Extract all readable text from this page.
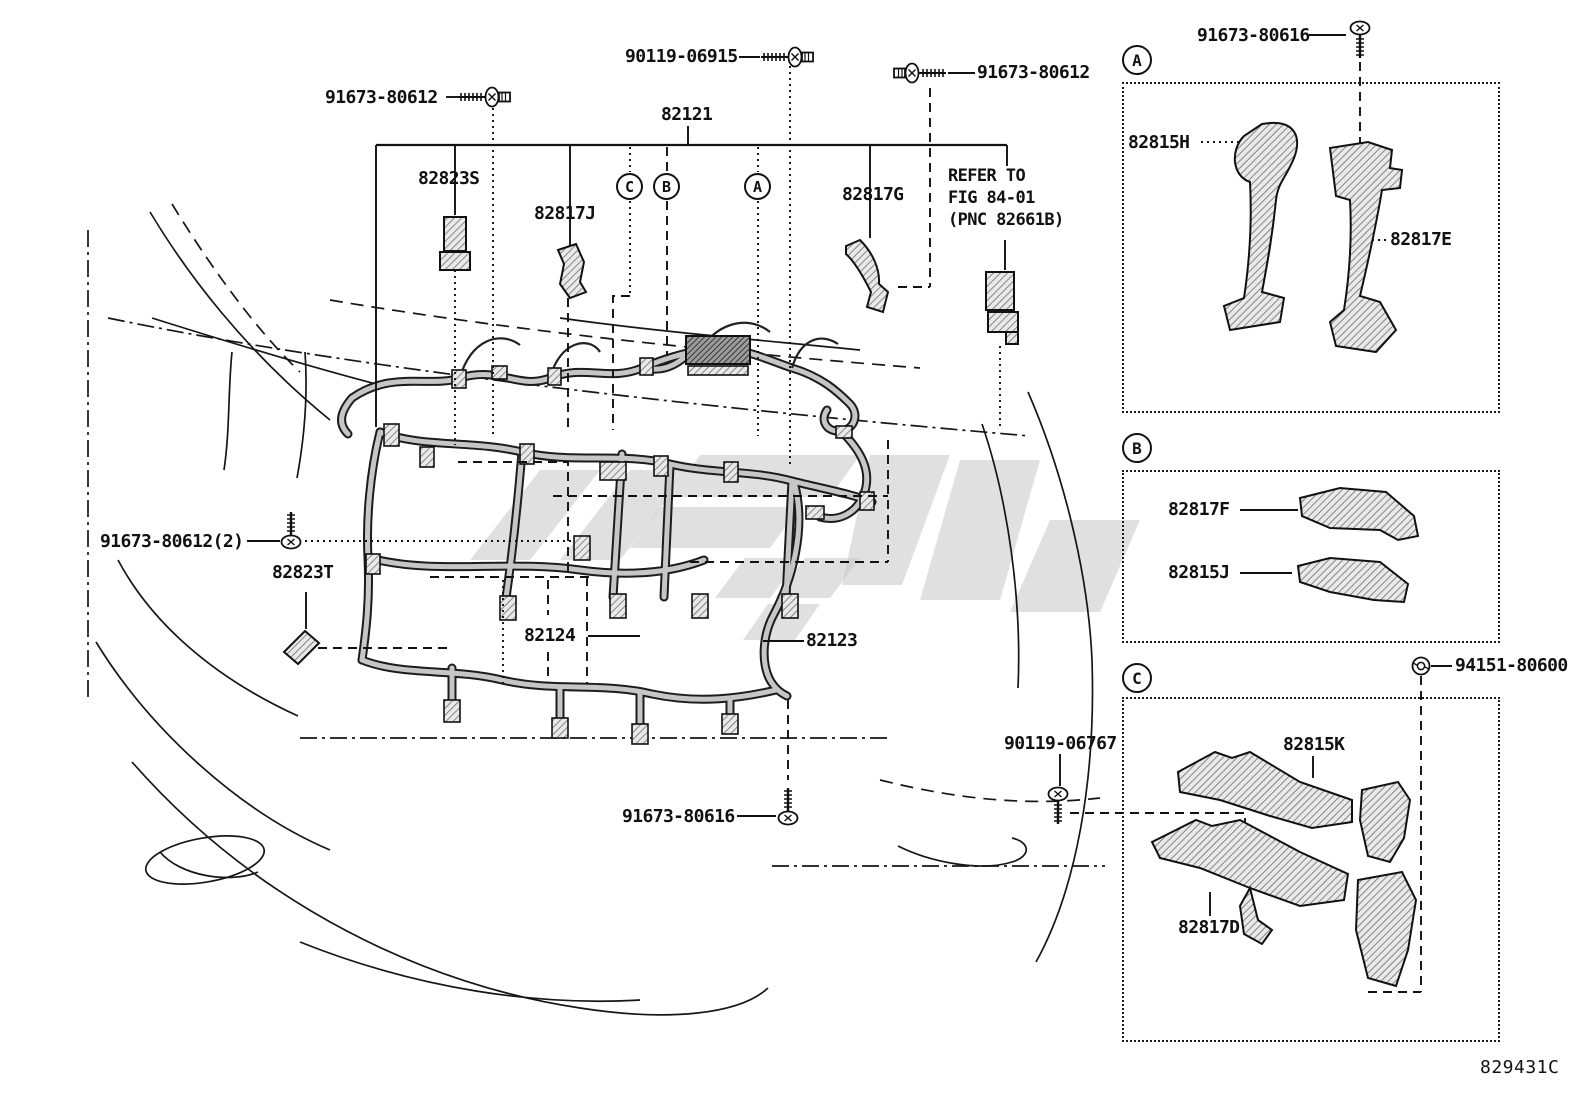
C B	A
A
B
C
91673-80612
90119-06915
91673-80612
82121
82823S
82817J
82817G
REFER TO
FIG 84-01
(PNC 82661B)
91673-80616
82815H
82817E
82817F
82815J
94151-80600
90119-06767	82815K
82817D
91673-80612(2)
82823T
82124	82123
91673-80616
829431C
